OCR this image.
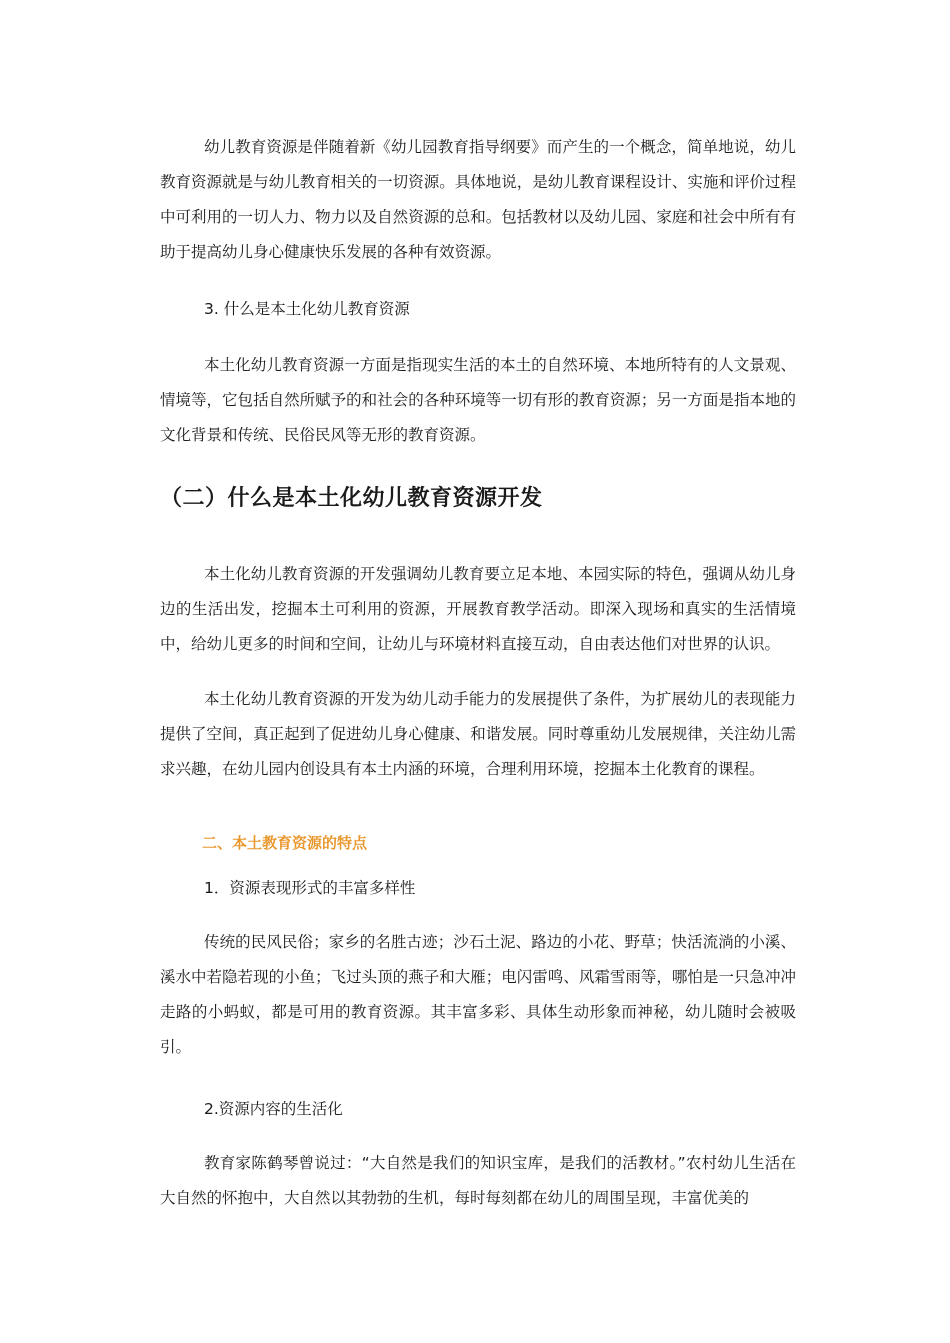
幼儿教育资源是伴随着新《幼儿园教育指导纲要》而产生的一个概念，简单地说，幼儿教育资源就是与幼儿教育相关的一切资源。具体地说，是幼儿教育课程设计、实施和评价过程中可利用的一切人力、物力以及自然资源的总和。包括教材以及幼儿园、家庭和社会中所有有助于提高幼儿身心健康快乐发展的各种有效资源。

3. 什么是本土化幼儿教育资源

本土化幼儿教育资源一方面是指现实生活的本土的自然环境、本地所特有的人文景观、情境等，它包括自然所赋予的和社会的各种环境等一切有形的教育资源；另一方面是指本地的文化背景和传统、民俗民风等无形的教育资源。

（二）什么是本土化幼儿教育资源开发

本土化幼儿教育资源的开发强调幼儿教育要立足本地、本园实际的特色，强调从幼儿身边的生活出发，挖掘本土可利用的资源，开展教育教学活动。即深入现场和真实的生活情境中，给幼儿更多的时间和空间，让幼儿与环境材料直接互动，自由表达他们对世界的认识。

本土化幼儿教育资源的开发为幼儿动手能力的发展提供了条件，为扩展幼儿的表现能力提供了空间，真正起到了促进幼儿身心健康、和谐发展。同时尊重幼儿发展规律，关注幼儿需求兴趣，在幼儿园内创设具有本土内涵的环境，合理利用环境，挖掘本土化教育的课程。

二、本土教育资源的特点

1．资源表现形式的丰富多样性

传统的民风民俗；家乡的名胜古迹；沙石土泥、路边的小花、野草；快活流淌的小溪、溪水中若隐若现的小鱼；飞过头顶的燕子和大雁；电闪雷鸣、风霜雪雨等，哪怕是一只急冲冲走路的小蚂蚁，都是可用的教育资源。其丰富多彩、具体生动形象而神秘，幼儿随时会被吸引。

2.资源内容的生活化

教育家陈鹤琴曾说过：“大自然是我们的知识宝库，是我们的活教材。”农村幼儿生活在大自然的怀抱中，大自然以其勃勃的生机，每时每刻都在幼儿的周围呈现，丰富优美的
